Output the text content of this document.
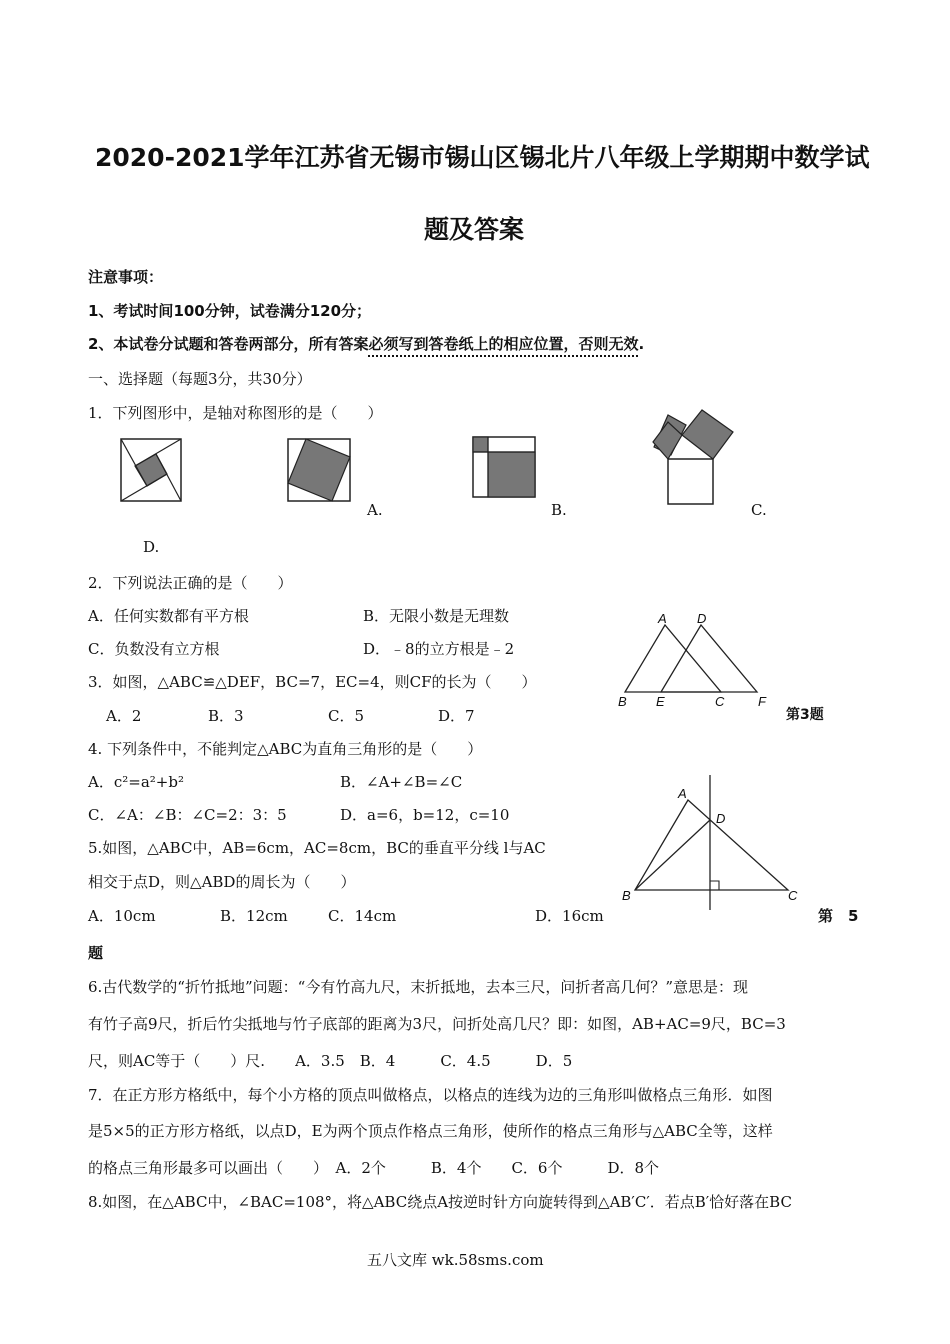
2020-2021学年江苏省无锡市锡山区锡北片八年级上学期期中数学试
题及答案
注意事项：
1、考试时间100分钟，试卷满分120分；
2、本试卷分试题和答卷两部分，所有答案必须写到答卷纸上的相应位置，否则无效.
一、选择题（每题3分，共30分）
1．下列图形中，是轴对称图形的是（　　）
A.	B.	C.
D.
2．下列说法正确的是（　　）
A．任何实数都有平方根	B．无限小数是无理数
C．负数没有立方根	D．﹣8的立方根是﹣2
A D
B E	C	F
第3题
3．如图，△ABC≌△DEF，BC=7，EC=4，则CF的长为（　　）
A．2	B．3	C．5	D．7
4. 下列条件中，不能判定△ABC为直角三角形的是（　　）
A．c²=a²+b²	B．∠A+∠B=∠C
C．∠A：∠B：∠C=2：3：5	D．a=6，b=12，c=10
A
D
B	C
5.如图，△ABC中，AB=6cm，AC=8cm，BC的垂直平分线 l与AC
相交于点D，则△ABD的周长为（　　）
A．10cm	B．12cm	C．14cm	D．16cm	第　5
题
6.古代数学的“折竹抵地”问题：“今有竹高九尺，末折抵地，去本三尺，问折者高几何？”意思是：现
有竹子高9尺，折后竹尖抵地与竹子底部的距离为3尺，问折处高几尺？即：如图，AB+AC=9尺，BC=3
尺，则AC等于（　　）尺.　　A．3.5　B．4　　　C．4.5　　　D．5
7．在正方形方格纸中，每个小方格的顶点叫做格点，以格点的连线为边的三角形叫做格点三角形．如图
是5×5的正方形方格纸，以点D，E为两个顶点作格点三角形，使所作的格点三角形与△ABC全等，这样
的格点三角形最多可以画出（　　）　A．2个　　　B．4个　　C．6个　　　D．8个
8.如图，在△ABC中，∠BAC=108°，将△ABC绕点A按逆时针方向旋转得到△AB′C′．若点B′恰好落在BC
五八文库 wk.58sms.com
